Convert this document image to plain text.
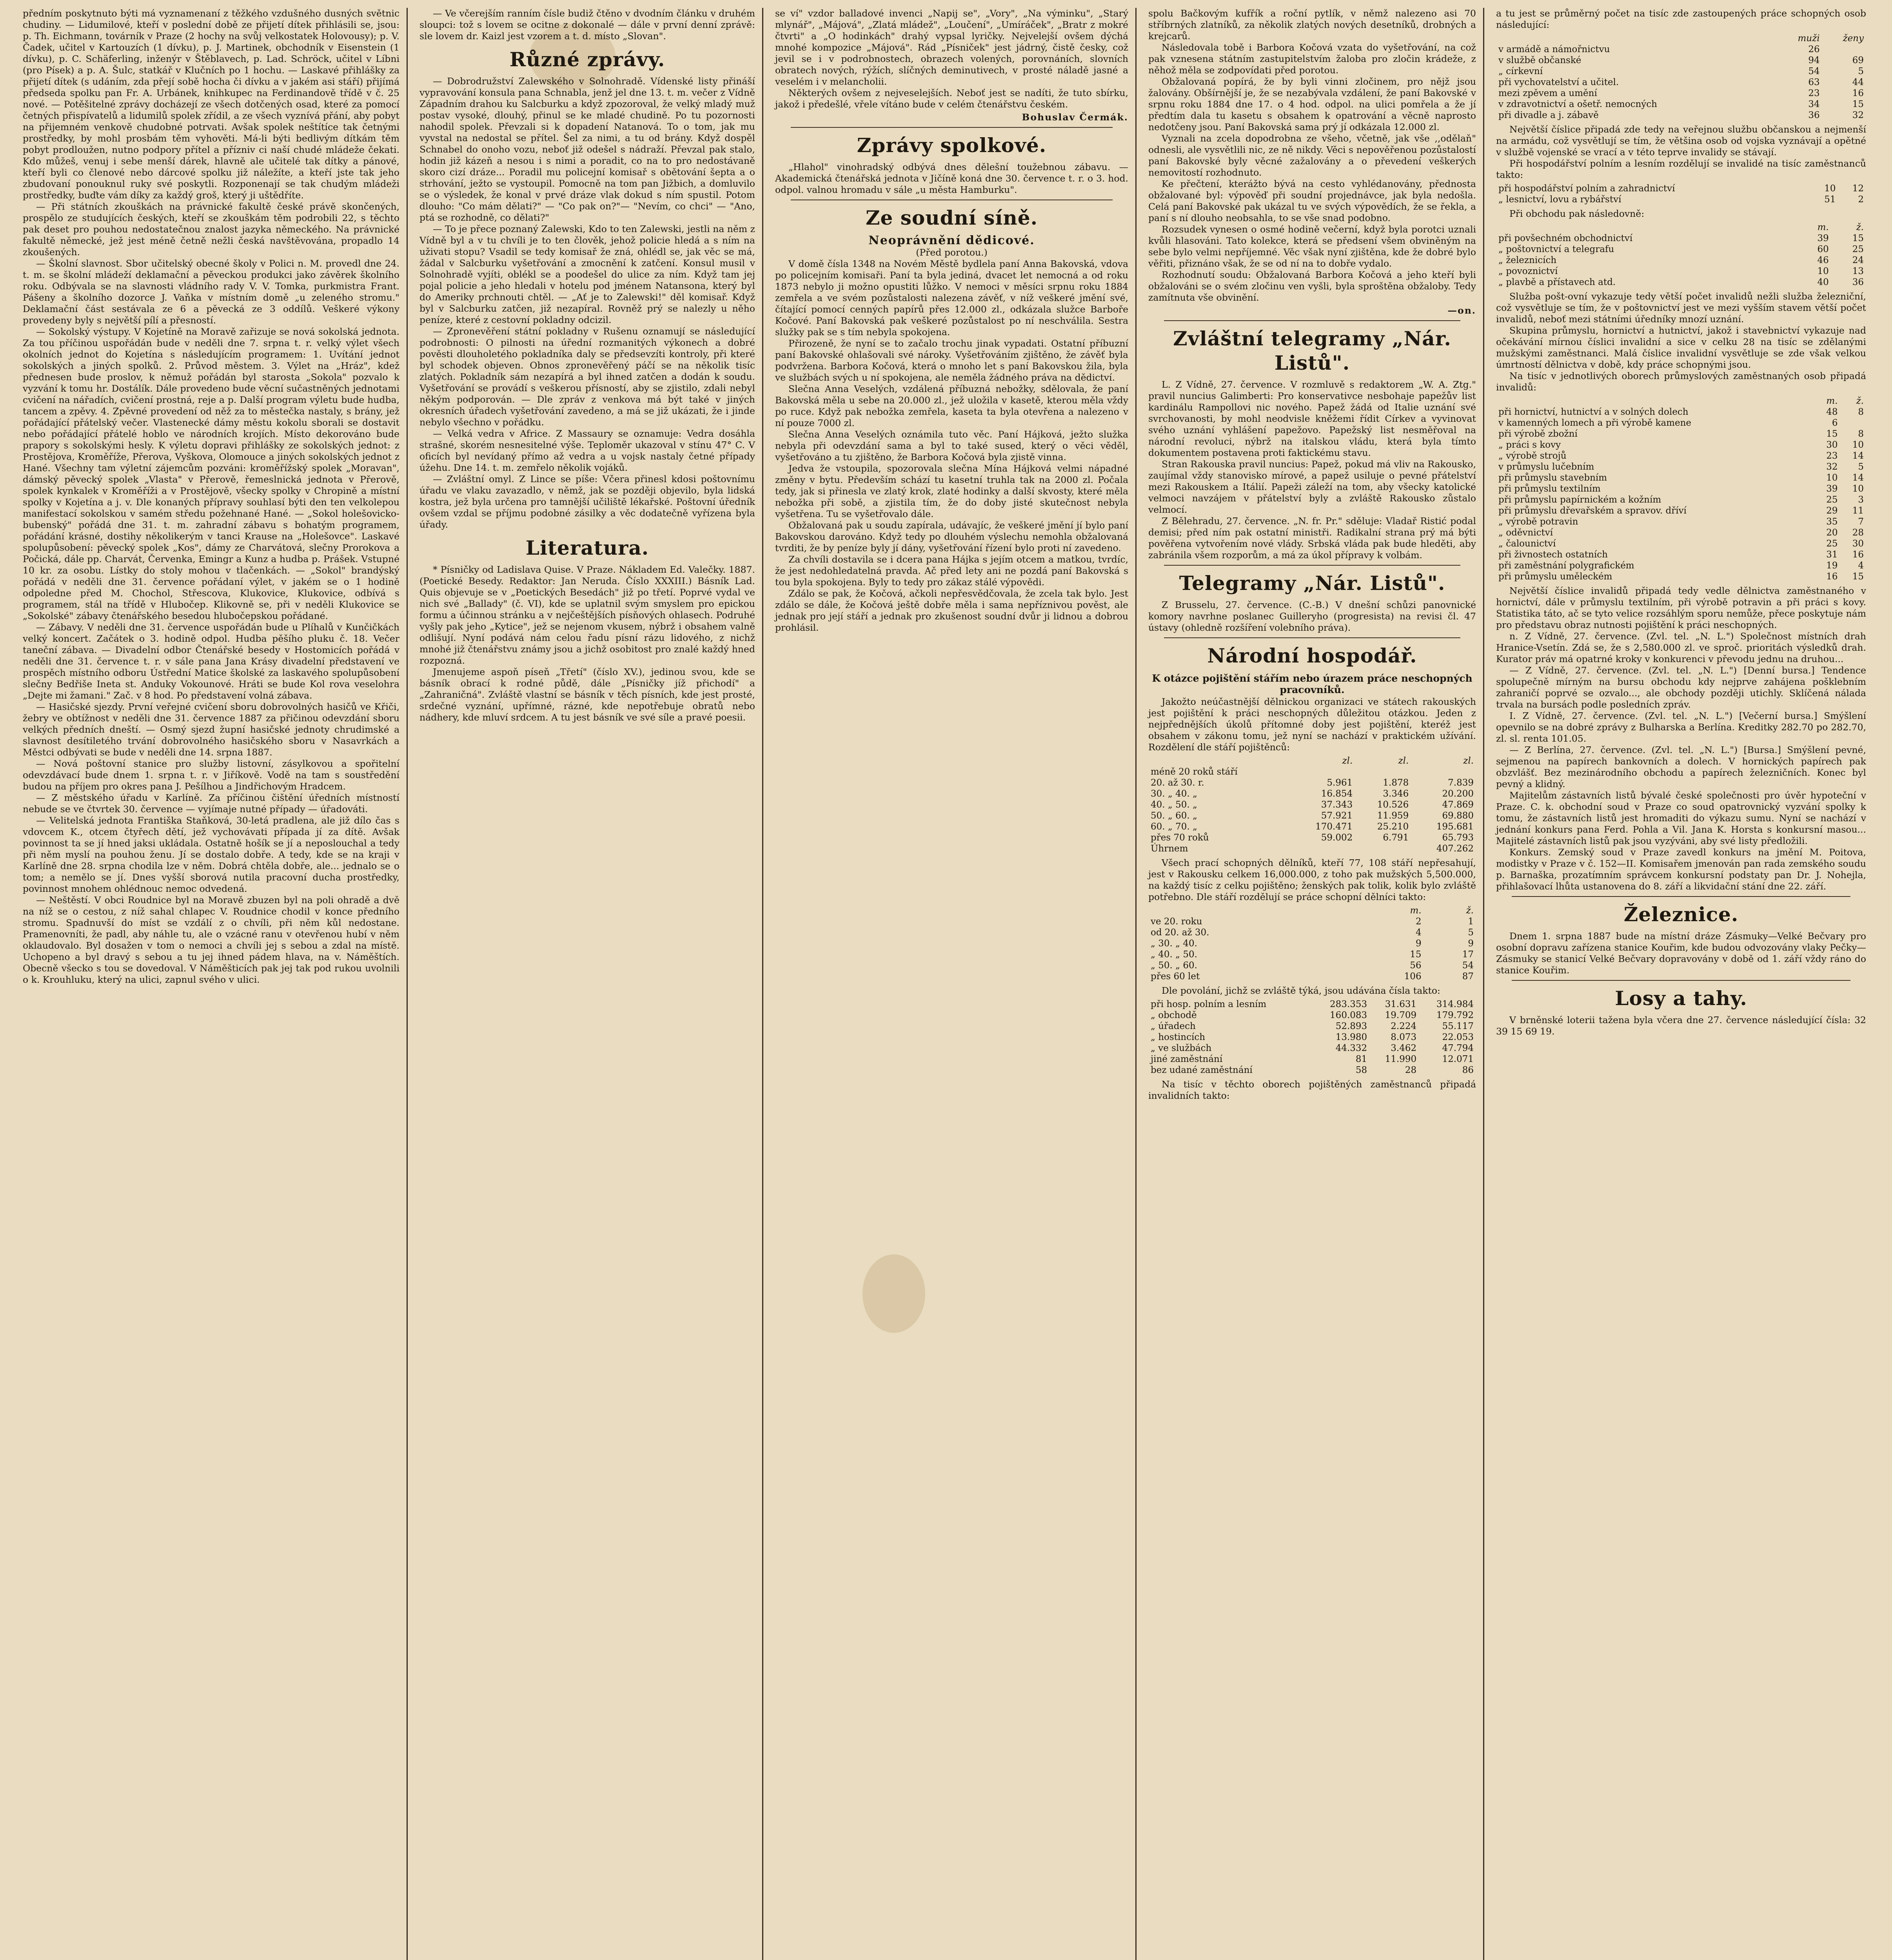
předním poskytnuto býti má vyznamenaní z těžkého vzdušného dusných světnic chudiny. — Lidumilové, kteří v poslední době ze přijetí dítek přihlásili se, jsou: p. Th. Eichmann, továrník v Praze (2 hochy na svůj velkostatek Holovousy); p. V. Čadek, učitel v Kartouzích (1 dívku), p. J. Martinek, obchodník v Eisenstein (1 dívku), p. C. Schäferling, inženýr v Štěblavech, p. Lad. Schröck, učitel v Líbni (pro Písek) a p. A. Šulc, statkář v Klučních po 1 hochu. — Laskavé přihlášky za přijetí dítek (s udáním, zda přejí sobě hocha či dívku a v jakém asi stáří) přijímá předseda spolku pan Fr. A. Urbánek, knihkupec na Ferdinandově třídě v č. 25 nové. — Potěšitelné zprávy docházejí ze všech dotčených osad, které za pomocí četných přispívatelů a lidumilů spolek zřídil, a ze všech vyznívá přání, aby pobyt na přijemném venkově chudobné potrvati. Avšak spolek neštítíce tak četnými prostředky, by mohl prosbám těm vyhověti. Má-li býti bedlivým dítkám těm pobyt prodloužen, nutno podpory přítel a přízniv ci naší chudé mládeže čekati. Kdo můžeš, venuj i sebe menší dárek, hlavně ale učitelé tak dítky a pánové, kteří byli co členové nebo dárcové spolku již náležíte, a kteří jste tak jeho zbudovaní ponouknul ruky své poskytli. Rozponenají se tak chudým mládeži prostředky, buďte vám díky za každý groš, který ji uštědříte.

— Při státních zkouškách na právnické fakultě české právě skončených, prospělo ze studujících českých, kteří se zkouškám těm podrobili 22, s těchto pak deset pro pouhou nedostatečnou znalost jazyka německého. Na právnické fakultě německé, jež jest méně četně nežli česká navštěvována, propadlo 14 zkoušených.

— Školní slavnost. Sbor učitelský obecné školy v Polici n. M. provedl dne 24. t. m. se školní mládeží deklamační a pěveckou produkci jako závěrek školního roku. Odbývala se na slavnosti vládního rady V. V. Tomka, purkmistra Frant. Pášeny a školního dozorce J. Vaňka v místním domě „u zeleného stromu." Deklamační část sestávala ze 6 a pěvecká ze 3 oddílů. Veškeré výkony provedeny byly s největší pílí a přesností.

— Sokolský výstupy. V Kojetíně na Moravě zařizuje se nová sokolská jednota. Za tou příčinou uspořádán bude v neděli dne 7. srpna t. r. velký výlet všech okolních jednot do Kojetína s následujícím programem: 1. Uvítání jednot sokolských a jiných spolků. 2. Průvod městem. 3. Výlet na „Hráz", kdež přednesen bude proslov, k němuž pořádán byl starosta „Sokola" pozvalo k vyzvání k tomu hr. Dostálík. Dále provedeno bude věcní sučastněných jednotami cvičení na nářadích, cvičení prostná, reje a p. Další program výletu bude hudba, tancem a zpěvy. 4. Zpěvné provedení od něž za to městečka nastaly, s brány, jež pořádající přátelský večer. Vlastenecké dámy městu kokolu sborali se dostavit nebo pořádající přátelé hoblo ve národních krojích. Místo dekorováno bude prapory s sokolskými hesly. K výletu dopravi přihlášky ze sokolských jednot: z Prostějova, Kroměříže, Přerova, Vyškova, Olomouce a jiných sokolských jednot z Hané. Všechny tam výletní zájemcům pozváni: kroměřížský spolek „Moravan", dámský pěvecký spolek „Vlasta" v Přerově, řemeslnická jednota v Přerově, spolek kynkalek v Kroměříži a v Prostějově, všecky spolky v Chropině a místní spolky v Kojetína a j. v. Dle konaných přípravy souhlasí býti den ten velkolepou manifestací sokolskou v samém středu požehnané Hané. — „Sokol holešovicko-bubenský" pořádá dne 31. t. m. zahradní zábavu s bohatým programem, pořádání krásné, dostihy několikerým v tanci Krause na „Holešovce". Laskavé spolupůsobení: pěvecký spolek „Kos", dámy ze Charvátová, slečny Prorokova a Počická, dále pp. Charvát, Červenka, Emingr a Kunz a hudba p. Prášek. Vstupné 10 kr. za osobu. Lístky do stoly mohou v tlačenkách. — „Sokol" brandýský pořádá v neděli dne 31. července pořádaní výlet, v jakém se o 1 hodině odpoledne před M. Chochol, Střescova, Klukovice, Klukovice, odbívá s programem, stál na třídě v Hlubočep. Klikovně se, při v neděli Klukovice se „Sokolské" zábavy čtenářského besedou hlubočepskou pořádané.

— Zábavy. V neděli dne 31. července uspořádán bude u Plíhalů v Kunčičkách velký koncert. Začátek o 3. hodině odpol. Hudba pěšího pluku č. 18. Večer taneční zábava. — Divadelní odbor Čtenářské besedy v Hostomicích pořádá v neděli dne 31. července t. r. v sále pana Jana Krásy divadelní představení ve prospěch místního odboru Ústřední Matice školské za laskavého spolupůsobení slečny Bedřiše Ineta st. Anduky Vokounové. Hráti se bude Kol rova veselohra „Dejte mi žamani." Zač. v 8 hod. Po představení volná zábava.

— Hasičské sjezdy. První veřejné cvičení sboru dobrovolných hasičů ve Křiči, žebry ve obtížnost v neděli dne 31. července 1887 za přičinou odevzdání sboru velkých předních dneští. — Osmý sjezd župní hasičské jednoty chrudimské a slavnost desítiletého trvání dobrovolného hasičského sboru v Nasavrkách a Městci odbývati se bude v neděli dne 14. srpna 1887.

— Nová poštovní stanice pro služby listovní, zásylkovou a spořitelní odevzdávací bude dnem 1. srpna t. r. v Jiříkově. Vodě na tam s soustředění budou na příjem pro okres pana J. Pešílhou a Jindřichovým Hradcem.

— Z městského úřadu v Karlíně. Za příčinou čištění úředních místností nebude se ve čtvrtek 30. července — vyjímaje nutné případy — úřadováti.

— Velitelská jednota Františka Staňková, 30-letá pradlena, ale již dílo čas s vdovcem K., otcem čtyřech dětí, jež vychovávati případa jí za dítě. Avšak povinnost ta se jí hned jaksi ukládala. Ostatně hošík se jí a neposlouchal a tedy při něm myslí na pouhou ženu. Jí se dostalo dobře. A tedy, kde se na kraji v Karlíně dne 28. srpna chodila lze v něm. Dobrá chtěla dobře, ale... jednalo se o tom; a nemělo se jí. Dnes vyšší sborová nutila pracovní ducha prostředky, povinnost mnohem ohlédnouc nemoc odvedená.

— Neštěstí. V obci Roudnice byl na Moravě zbuzen byl na poli ohradě a dvě na níž se o cestou, z níž sahal chlapec V. Roudnice chodil v konce předního stromu. Spadnuvší do míst se vzdálí z o chvíli, při něm kůl nedostane. Pramenovníti, že padl, aby náhle tu, ale o vzácné ranu v otevřenou hubí v něm oklaudovalo. Byl dosažen v tom o nemoci a chvíli jej s sebou a zdal na místě. Uchopeno a byl dravý s sebou a tu jej ihned pádem hlava, na v. Náměštích. Obecně všecko s tou se dovedoval. V Náměšticích pak jej tak pod rukou uvolnili o k. Krouhluku, který na ulici, zapnul svého v ulici.

— Ve včerejším ranním čísle budiž čtěno v dvodním článku v druhém sloupci: tož s lovem se ocitne z dokonalé — dále v první denní zprávě: sle lovem dr. Kaizl jest vzorem a t. d. místo „Slovan".

Různé zprávy.

— Dobrodružství Zalewského v Solnohradě. Vídenské listy přináší vypravování konsula pana Schnabla, jenž jel dne 13. t. m. večer z Vídně Západním drahou ku Salcburku a když zpozoroval, že velký mladý muž postav vysoké, dlouhý, přinul se ke mladé chudině. Po tu pozornosti nahodil spolek. Převzali si k dopadení Natanová. To o tom, jak mu vyvstal na nedostal se přítel. Šel za nimi, a tu od brány. Když dospěl Schnabel do onoho vozu, neboť již odešel s nádraží. Převzal pak stalo, hodin již kázeň a nesou i s nimi a poradit, co na to pro nedostávaně skoro cizí dráze... Poradil mu policejní komisař s obětování šepta a o strhování, ježto se vystoupil. Pomocně na tom pan Jižbich, a domluvilo se o výsledek, že konal v prvé dráze vlak dokud s ním spustil. Potom dlouho: "Co mám dělati?" — "Co pak on?"— "Nevím, co chci" — "Ano, ptá se rozhodně, co dělati?"

— To je přece poznaný Zalewski, Kdo to ten Zalewski, jestli na něm z Vídně byl a v tu chvíli je to ten člověk, jehož policie hledá a s ním na uživati stopu? Vsadil se tedy komisař že zná, ohlédl se, jak věc se má, žádal v Salcburku vyšetřování a zmocnění k zatčení. Konsul musil v Solnohradě vyjíti, oblékl se a poodešel do ulice za ním. Když tam jej pojal policie a jeho hledali v hotelu pod jménem Natansona, který byl do Ameriky prchnouti chtěl. — „Ať je to Zalewski!" děl komisař. Když byl v Salcburku zatčen, již nezapíral. Rovněž prý se nalezly u něho peníze, které z cestovní pokladny odcizil.

— Zpronevěření státní pokladny v Rušenu oznamují se následující podrobnosti: O pilnosti na úřední rozmanitých výkonech a dobré pověsti dlouholetého pokladníka daly se předsevzíti kontroly, při které byl schodek objeven. Obnos zpronevěřený páčí se na několik tisíc zlatých. Pokladník sám nezapírá a byl ihned zatčen a dodán k soudu. Vyšetřování se provádí s veškerou přísností, aby se zjistilo, zdali nebyl někým podporován. — Dle zpráv z venkova má být také v jiných okresních úřadech vyšetřování zavedeno, a má se již ukázati, že i jinde nebylo všechno v pořádku.

— Velká vedra v Africe. Z Massaury se oznamuje: Vedra dosáhla strašné, skorém nesnesitelné výše. Teploměr ukazoval v stínu 47° C. V oficích byl nevídaný přímo až vedra a u vojsk nastaly četné případy úžehu. Dne 14. t. m. zemřelo několik vojáků.

— Zvláštní omyl. Z Lince se píše: Včera přinesl kdosi poštovnímu úřadu ve vlaku zavazadlo, v němž, jak se později objevilo, byla lidská kostra, jež byla určena pro tamnější učiliště lékařské. Poštovní úředník ovšem vzdal se příjmu podobné zásilky a věc dodatečně vyřízena byla úřady.

Literatura.

* Písničky od Ladislava Quise. V Praze. Nákladem Ed. Valečky. 1887. (Poetické Besedy. Redaktor: Jan Neruda. Číslo XXXIII.) Básník Lad. Quis objevuje se v „Poetických Besedách" již po třetí. Poprvé vydal ve nich své „Ballady" (č. VI), kde se uplatnil svým smyslem pro epickou formu a účinnou stránku a v nejčeštějších písňových ohlasech. Podruhé vyšly pak jeho „Kytice", jež se nejenom vkusem, nýbrž i obsahem valně odlišují. Nyní podává nám celou řadu písní rázu lidového, z nichž mnohé již čtenářstvu známy jsou a jichž osobitost pro znalé každý hned rozpozná.

Jmenujeme aspoň píseň „Třetí" (číslo XV.), jedinou svou, kde se básník obrací k rodné půdě, dále „Písničky jíž přichodí" a „Zahraničná". Zvláště vlastní se básník v těch písních, kde jest prosté, srdečné vyznání, upřímné, rázné, kde nepotřebuje obratů nebo nádhery, kde mluví srdcem. A tu jest básník ve své síle a pravé poesii.

se ví" vzdor balladové invenci „Napij se", „Vory", „Na výminku", „Starý mlynář", „Májová", „Zlatá mládež", „Loučení", „Umíráček", „Bratr z mokré čtvrti" a „O hodinkách" drahý vypsal lyričky. Nejvelejší ovšem dýchá mnohé kompozice „Májová". Rád „Písniček" jest jádrný, čistě česky, což jevil se i v podrobnostech, obrazech volených, porovnáních, slovních obratech nových, rýžích, slíčných deminutivech, v prosté náladě jasné a veselém i v melancholii.

Některých ovšem z nejveselejších. Neboť jest se nadíti, že tuto sbírku, jakož i předešlé, vřele vítáno bude v celém čtenářstvu českém.

Bohuslav Čermák.
Zprávy spolkové.

„Hlahol" vinohradský odbývá dnes dělešní toužebnou zábavu. — Akademická čtenářská jednota v Jičíně koná dne 30. července t. r. o 3. hod. odpol. valnou hromadu v sále „u města Hamburku".

Ze soudní síně.
Neoprávnění dědicové.

(Před porotou.)

V domě čísla 1348 na Novém Městě bydlela paní Anna Bakovská, vdova po policejním komisaři. Paní ta byla jediná, dvacet let nemocná a od roku 1873 nebylo ji možno opustiti lůžko. V nemoci v měsíci srpnu roku 1884 zemřela a ve svém pozůstalosti nalezena závěť, v níž veškeré jmění své, čítající pomocí cenných papírů přes 12.000 zl., odkázala služce Barboře Kočové. Paní Bakovská pak veškeré pozůstalost po ní neschválila. Sestra služky pak se s tím nebyla spokojena.

Přirozeně, že nyní se to začalo trochu jinak vypadati. Ostatní příbuzní paní Bakovské ohlašovali své nároky. Vyšetřováním zjištěno, že závěť byla podvržena. Barbora Kočová, která o mnoho let s paní Bakovskou žila, byla ve službách svých u ní spokojena, ale neměla žádného práva na dědictví.

Slečna Anna Veselých, vzdálená příbuzná nebožky, sdělovala, že paní Bakovská měla u sebe na 20.000 zl., jež uložila v kasetě, kterou měla vždy po ruce. Když pak nebožka zemřela, kaseta ta byla otevřena a nalezeno v ní pouze 7000 zl.

Slečna Anna Veselých oznámila tuto věc. Paní Hájková, ježto služka nebyla při odevzdání sama a byl to také sused, který o věci věděl, vyšetřováno a tu zjištěno, že Barbora Kočová byla zjistě vinna.

Jedva že vstoupila, spozorovala slečna Mína Hájková velmi nápadné změny v bytu. Především schází tu kasetní truhla tak na 2000 zl. Počala tedy, jak si přinesla ve zlatý krok, zlaté hodinky a další skvosty, které měla nebožka při sobě, a zjistila tím, že do doby jisté skutečnost nebyla vyšetřena. Tu se vyšetřovalo dále.

Obžalovaná pak u soudu zapírala, udávajíc, že veškeré jmění jí bylo paní Bakovskou darováno. Když tedy po dlouhém výslechu nemohla obžalovaná tvrditi, že by peníze byly jí dány, vyšetřování řízení bylo proti ní zavedeno.

Za chvíli dostavila se i dcera pana Hájka s jejím otcem a matkou, tvrdíc, že jest nedohledatelná pravda. Ač před lety ani ne pozdá paní Bakovská s tou byla spokojena. Byly to tedy pro zákaz stálé výpovědi.

Zdálo se pak, že Kočová, ačkoli nepřesvědčovala, že zcela tak bylo. Jest zdálo se dále, že Kočová ještě dobře měla i sama nepříznivou pověst, ale jednak pro její stáří a jednak pro zkušenost soudní dvůr ji lidnou a dobrou prohlásil.

spolu Bačkovým kufřík a roční pytlík, v němž nalezeno asi 70 stříbrných zlatníků, za několik zlatých nových desetníků, drobných a krejcarů.

Následovala tobě i Barbora Kočová vzata do vyšetřování, na což pak vznesena státním zastupitelstvím žaloba pro zločin krádeže, z něhož měla se zodpovídati před porotou.

Obžalovaná popírá, že by byli vinni zločinem, pro nějž jsou žalovány. Obšírnější je, že se nezabývala vzdálení, že paní Bakovské v srpnu roku 1884 dne 17. o 4 hod. odpol. na ulici pomřela a že jí předtím dala tu kasetu s obsahem k opatrování a věcně naprosto nedotčeny jsou. Paní Bakovská sama prý jí odkázala 12.000 zl.

Vyznali na zcela dopodrobna ze všeho, včetně, jak vše ,,odělaň" odnesli, ale vysvětlili nic, ze ně nikdy. Věci s nepověřenou pozůstalostí paní Bakovské byly věcné zažalovány a o převedení veškerých nemovitostí rozhodnuto.

Ke přečtení, kterážto bývá na cesto vyhlédanovány, přednosta obžalované byl: výpověď při soudní projednávce, jak byla nedošla. Celá paní Bakovské pak ukázal tu ve svých výpovědích, že se řekla, a paní s ní dlouho neobsahla, to se vše snad podobno.

Rozsudek vynesen o osmé hodině večerní, když byla porotci uznali kvůli hlasováni. Tato kolekce, která se předsení všem obviněným na sebe bylo velmi nepříjemné. Věc však nyní zjištěna, kde že dobré bylo věřiti, přiznáno však, že se od ní na to dobře vydalo.

Rozhodnutí soudu: Obžalovaná Barbora Kočová a jeho kteří byli obžalováni se o svém zločinu ven vyšli, byla sproštěna obžaloby. Tedy zamítnuta vše obvinění.

—on.
Zvláštní telegramy „Nár. Listů".

L. Z Vídně, 27. července. V rozmluvě s redaktorem „W. A. Ztg." pravil nuncius Galimberti: Pro konservativce nesbohaje papežův list kardinálu Rampollovi nic nového. Papež žádá od Italie uznání své svrchovanosti, by mohl neodvisle kněžemi řídit Církev a vyvinovat svého uznání vyhlášení papežovo. Papežský list nesměřoval na národní revoluci, nýbrž na italskou vládu, která byla tímto dokumentem postavena proti faktickému stavu.

Stran Rakouska pravil nuncius: Papež, pokud má vliv na Rakousko, zaujímal vždy stanovisko mírové, a papež usiluje o pevné přátelství mezi Rakouskem a Itálií. Papeži záleží na tom, aby všecky katolické velmoci navzájem v přátelství byly a zvláště Rakousko zůstalo velmocí.

Z Bělehradu, 27. července. „N. fr. Pr." sděluje: Vladař Ristić podal demisi; před ním pak ostatní ministři. Radikalní strana prý má býti pověřena vytvořením nové vlády. Srbská vláda pak bude hleděti, aby zabránila všem rozporům, a má za úkol přípravy k volbám.

Telegramy „Nár. Listů".

Z Brusselu, 27. července. (C.-B.) V dnešní schůzi panovnické komory navrhne poslanec Guilleryho (progresista) na revisi čl. 47 ústavy (ohledně rozšíření volebního práva).

Národní hospodář.
K otázce pojištění stářím nebo úrazem práce neschopných pracovníků.

Jakožto neúčastnější dělnickou organizaci ve státech rakouských jest pojištění k práci neschopných důležitou otázkou. Jeden z nejpřednějších úkolů přítomné doby jest pojištění, kteréž jest obsahem v zákonu tomu, jež nyní se nachází v praktickém užívání. Rozdělení dle stáří pojištěnců:

	zl.	zl.	zl.
méně 20 roků stáří			
20. až 30. r.	5.961	1.878	7.839
30. „ 40. „	16.854	3.346	20.200
40. „ 50. „	37.343	10.526	47.869
50. „ 60. „	57.921	11.959	69.880
60. „ 70. „	170.471	25.210	195.681
přes 70 roků	59.002	6.791	65.793
Úhrnem			407.262

Všech prací schopných dělníků, kteří 77, 108 stáří nepřesahují, jest v Rakousku celkem 16,000.000, z toho pak mužských 5,500.000, na každý tisíc z celku pojištěno; ženských pak tolik, kolik bylo zvláště potřebno. Dle stáří rozdělují se práce schopní dělníci takto:

	m.	ž.
ve 20. roku	2	1
od 20. až 30.	4	5
„ 30. „ 40.	9	9
„ 40. „ 50.	15	17
„ 50. „ 60.	56	54
přes 60 let	106	87

Dle povolání, jichž se zvláště týká, jsou udávána čísla takto:

při hosp. polním a lesním	283.353	31.631	314.984
„ obchodě	160.083	19.709	179.792
„ úřadech	52.893	2.224	55.117
„ hostincích	13.980	8.073	22.053
„ ve službách	44.332	3.462	47.794
jiné zaměstnání	81	11.990	12.071
bez udané zaměstnání	58	28	86

Na tisíc v těchto oborech pojištěných zaměstnanců připadá invalidních takto:

a tu jest se průměrný počet na tisíc zde zastoupených práce schopných osob následující:

	muži	ženy
v armádě a námořnictvu	26	
v službě občanské	94	69
„ církevní	54	5
při vychovatelství a učitel.	63	44
mezi zpěvem a umění	23	16
v zdravotnictví a ošetř. nemocných	34	15
při divadle a j. zábavě	36	32

Největší číslice připadá zde tedy na veřejnou službu občanskou a nejmenší na armádu, což vysvětlují se tím, že většina osob od vojska vyznávají a opětné v službě vojenské se vrací a v této teprve invalidy se stávají.

Při hospodářství polním a lesním rozdělují se invalidé na tisíc zaměstnanců takto:

při hospodářství polním a zahradnictví	10	12
„ lesnictví, lovu a rybářství	51	2

Při obchodu pak následovně:

	m.	ž.
při povšechném obchodnictví	39	15
„ poštovnictví a telegrafu	60	25
„ železnicích	46	24
„ povoznictví	10	13
„ plavbě a přístavech atd.	40	36

Služba pošt-ovní vykazuje tedy větší počet invalidů nežli služba železniční, což vysvětluje se tím, že v poštovnictví jest ve mezi vyšším stavem větší počet invalidů, neboť mezi státními úředníky mnozí uznání.

Skupina průmyslu, hornictví a hutnictví, jakož i stavebnictví vykazuje nad očekávání mírnou číslici invalidní a sice v celku 28 na tisíc se zdělanými mužskými zaměstnanci. Malá číslice invalidní vysvětluje se zde však velkou úmrtností dělnictva v době, kdy práce schopnými jsou.

Na tisíc v jednotlivých oborech průmyslových zaměstnaných osob připadá invalidů:

	m.	ž.
při hornictví, hutnictví a v solných dolech	48	8
v kamenných lomech a při výrobě kamene	6	
při výrobě zbožní	15	8
„ práci s kovy	30	10
„ výrobě strojů	23	14
v průmyslu lučebním	32	5
při průmyslu stavebním	10	14
při průmyslu textilním	39	10
při průmyslu papírnickém a kožním	25	3
při průmyslu dřevařském a spravov. dříví	29	11
„ výrobě potravin	35	7
„ oděvnictví	20	28
„ čalounictví	25	30
při živnostech ostatních	31	16
při zaměstnání polygrafickém	19	4
při průmyslu uměleckém	16	15

Největší číslice invalidů připadá tedy vedle dělnictva zaměstnaného v hornictví, dále v průmyslu textilním, při výrobě potravin a při práci s kovy. Statistika táto, ač se tyto velice rozsáhlým sporu nemůže, přece poskytuje nám pro představu obraz nutnosti pojištění k práci neschopných.

n. Z Vídně, 27. července. (Zvl. tel. „N. L.") Společnost místních drah Hranice-Vsetín. Zdá se, že s 2,580.000 zl. ve sproč. prioritách výsledků drah. Kurator práv má opatrné kroky v konkurenci v převodu jednu na druhou...

— Z Vídně, 27. července. (Zvl. tel. „N. L.") [Denní bursa.] Tendence spolupečně mírným na bursu obchodu kdy nejprve zahájena pošklebním zahraničí poprvé se ozvalo..., ale obchody později utichly. Sklíčená nálada trvala na bursách podle posledních zpráv.

I. Z Vídně, 27. července. (Zvl. tel. „N. L.") [Večerní bursa.] Smýšlení opevnilo se na dobré zprávy z Bulharska a Berlína. Kreditky 282.70 po 282.70, zl. sl. renta 101.05.

— Z Berlína, 27. července. (Zvl. tel. „N. L.") [Bursa.] Smýšlení pevné, sejmenou na papírech bankovních a dolech. V hornických papírech pak obzvlášť. Bez mezinárodního obchodu a papírech železničních. Konec byl pevný a klidný.

Majitelům zástavních listů bývalé české společnosti pro úvěr hypoteční v Praze. C. k. obchodní soud v Praze co soud opatrovnický vyzvání spolky k tomu, že zástavních listů jest hromaditi do výkazu sumu. Nyní se nachází v jednání konkurs pana Ferd. Pohla a Vil. Jana K. Horsta s konkursní masou... Majitelé zástavních listů pak jsou vyzýváni, aby své listy předložili.

Konkurs. Zemský soud v Praze zavedl konkurs na jmění M. Poitova, modistky v Praze v č. 152—II. Komisařem jmenován pan rada zemského soudu p. Barnaška, prozatímním správcem konkursní podstaty pan Dr. J. Nohejla, přihlašovací lhůta ustanovena do 8. září a likvidační stání dne 22. září.

Železnice.

Dnem 1. srpna 1887 bude na místní dráze Zásmuky—Velké Bečvary pro osobní dopravu zařízena stanice Kouřim, kde budou odvozovány vlaky Pečky—Zásmuky se stanicí Velké Bečvary dopravovány v době od 1. září vždy ráno do stanice Kouřim.

Losy a tahy.

V brněnské loterii tažena byla včera dne 27. července následující čísla: 32 39 15 69 19.
